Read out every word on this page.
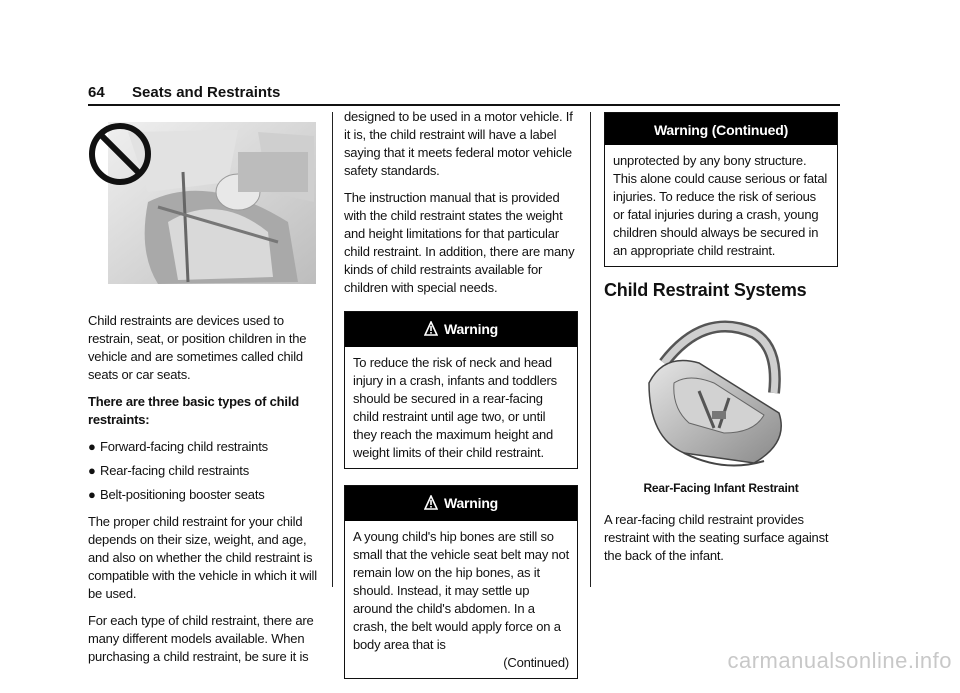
64 Seats and Restraints

Child restraints are devices used to restrain, seat, or position children in the vehicle and are sometimes called child seats or car seats.

There are three basic types of child restraints:

● Forward-facing child restraints
● Rear-facing child restraints
● Belt-positioning booster seats

The proper child restraint for your child depends on their size, weight, and age, and also on whether the child restraint is compatible with the vehicle in which it will be used.

For each type of child restraint, there are many different models available. When purchasing a child restraint, be sure it is

designed to be used in a motor vehicle. If it is, the child restraint will have a label saying that it meets federal motor vehicle safety standards.

The instruction manual that is provided with the child restraint states the weight and height limitations for that particular child restraint. In addition, there are many kinds of child restraints available for children with special needs.

Warning
To reduce the risk of neck and head injury in a crash, infants and toddlers should be secured in a rear-facing child restraint until age two, or until they reach the maximum height and weight limits of their child restraint.
Warning
A young child's hip bones are still so small that the vehicle seat belt may not remain low on the hip bones, as it should. Instead, it may settle up around the child's abdomen. In a crash, the belt would apply force on a body area that is
(Continued)
Warning (Continued)
unprotected by any bony structure. This alone could cause serious or fatal injuries. To reduce the risk of serious or fatal injuries during a crash, young children should always be secured in an appropriate child restraint.
Child Restraint Systems
Rear-Facing Infant Restraint

A rear-facing child restraint provides restraint with the seating surface against the back of the infant.

carmanualsonline.info
